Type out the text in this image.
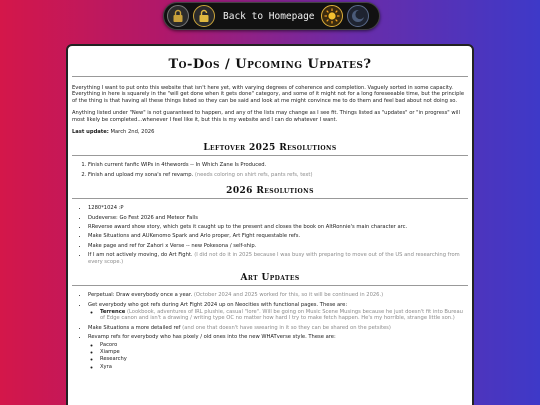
Back to Homepage
To-Dos / Upcoming Updates?

Everything I want to put onto this website that isn't here yet, with varying degrees of coherence and completion. Vaguely sorted in some capacity. Everything in here is squarely in the "will get done when it gets done" category, and some of it might not for a long foreseeable time, but the principle of the thing is that having all these things listed so they can be said and look at me might convince me to do them and feel bad about not doing so.

Anything listed under "New" is not guaranteed to happen, and any of the lists may change as I see fit. Things listed as "updates" or "in progress" will most likely be completed...whenever I feel like it, but this is my website and I can do whatever I want.

Last update: March 2nd, 2026

Leftover 2025 Resolutions
1. Finish current fanfic WIPs in 4thewords -- In Which Zane Is Produced.
2. Finish and upload my sona's ref revamp. (needs coloring on shirt refs, pants refs, text)
2026 Resolutions
• 1280*1024 :P
• Dudeverse: Go Fest 2026 and Meteor Falls
• RReverse award show story, which gets it caught up to the present and closes the book on AltRonnie's main character arc.
• Make Situations and AUKenomo Spark and Arlo proper, Art Fight requestable refs.
• Make page and ref for Zahori x Verse -- new Pokesona / self-ship.
• If I am not actively moving, do Art Fight. (I did not do it in 2025 because I was busy with preparing to move out of the US and researching from every scope.)
Art Updates
• Perpetual: Draw everybody once a year. (October 2024 and 2025 worked for this, so it will be continued in 2026.)
• Get everybody who got refs during Art Fight 2024 up on Neocities with functional pages. These are:
◦ Terrence (Lookbook, adventures of IRL plushie, casual "lore". Will be going on Music Scene Musings because he just doesn't fit into Bureau of Edge canon and isn't a drawing / writing type OC no matter how hard I try to make fetch happen. He's my horrible, strange little son.)
• Make Situations a more detailed ref (and one that doesn't have swearing in it so they can be shared on the petsites)
• Revamp refs for everybody who has pixely / old ones into the new WHATverse style. These are:
◦ Pacoro
◦ Xiampe
◦ Researchy
◦ Xyra
